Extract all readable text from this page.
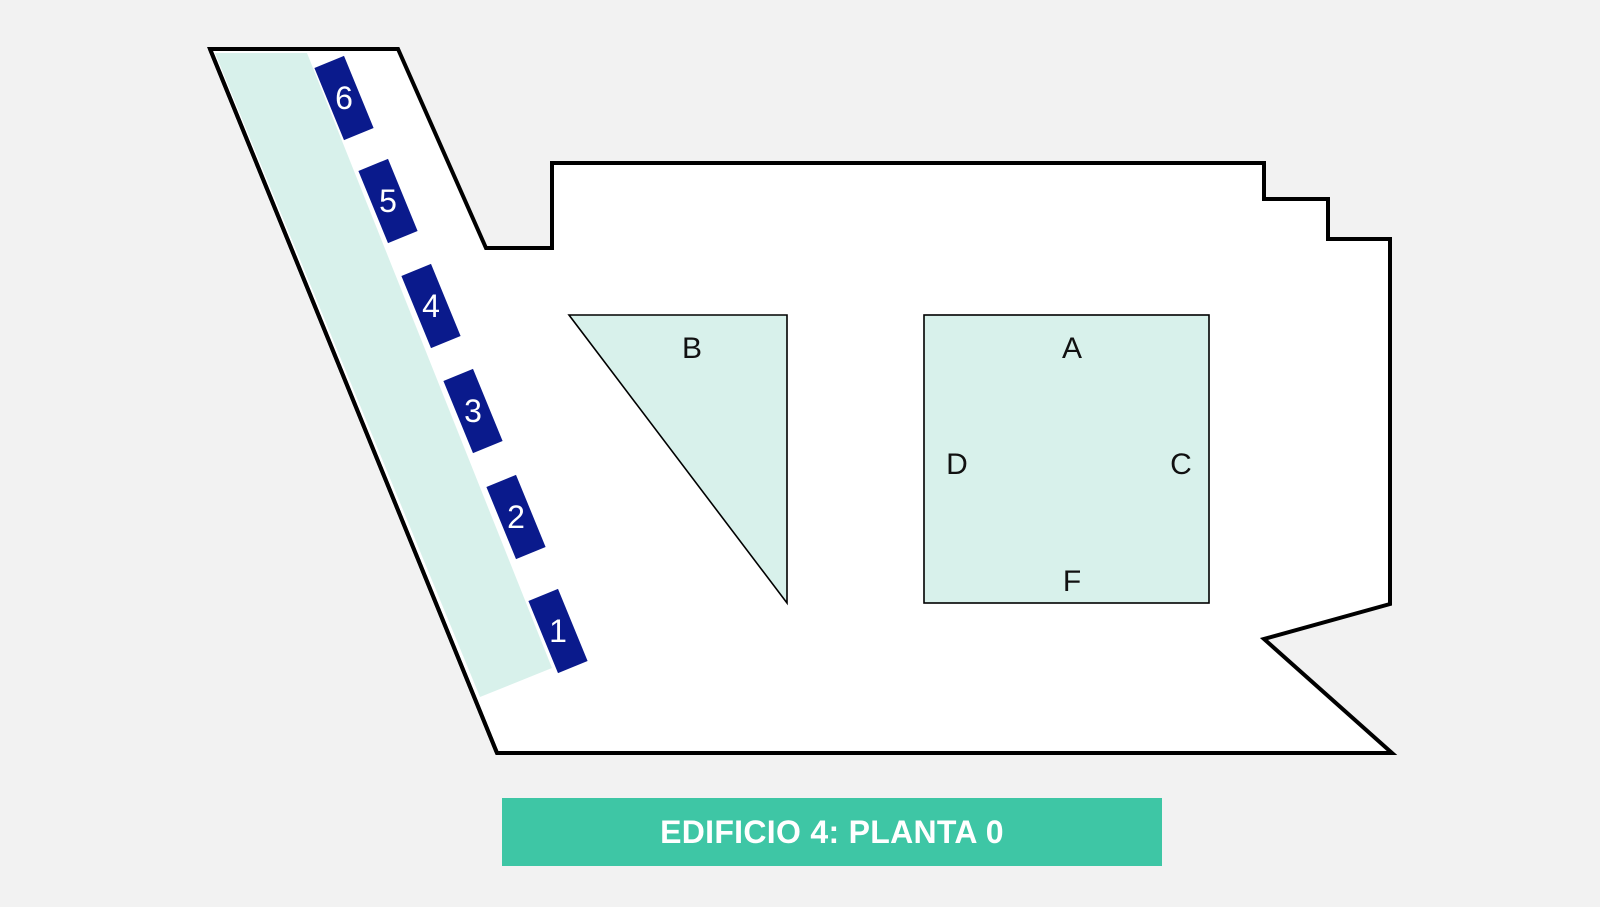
B	A
C
F
D
1
2
3
4
5
6
EDIFICIO 4: PLANTA 0
